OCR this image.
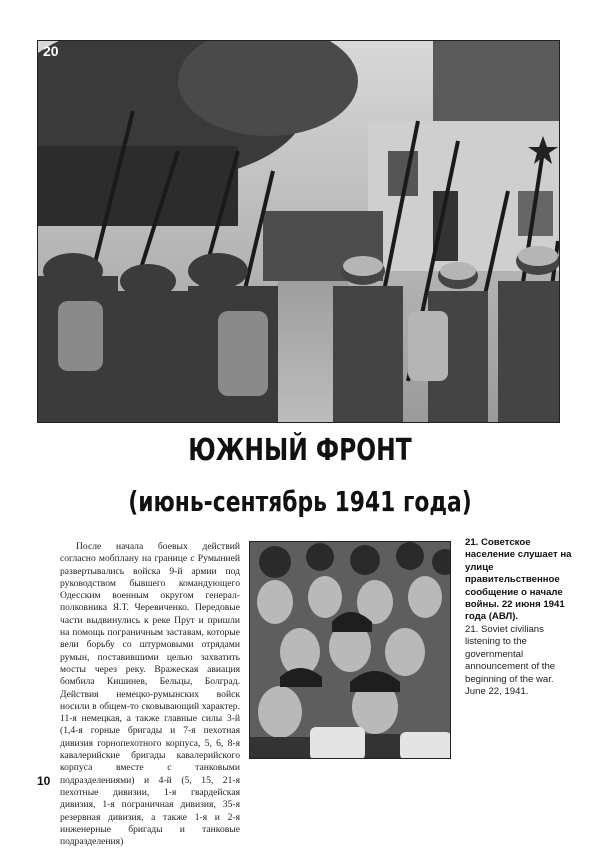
20
ЮЖНЫЙ ФРОНТ
(июнь-сентябрь 1941 года)

После начала боевых действий согласно мобплану на границе с Румынией развертывались войска 9-й армии под руководством бывшего командующего Одесским военным округом генерал-полковника Я.Т. Черевиченко. Передовые части выдвинулись к реке Прут и пришли на помощь пограничным заставам, которые вели борьбу со штурмовыми отрядами румын, поставившими целью захватить мосты через реку. Вражеская авиация бомбила Кишинев, Бельцы, Болград. Действия немецко-румынских войск носили в общем-то сковывающий характер. 11-я немецкая, а также главные силы 3-й (1,4-я горные бригады и 7-я пехотная дивизия горнопехотного корпуса, 5, 6, 8-я кавалерийские бригады кавалерийского корпуса вместе с танковыми подразделениями) и 4-й (5, 15, 21-я пехотные дивизии, 1-я гвардейская дивизия, 1-я пограничная дивизия, 35-я резервная дивизия, а также 1-я и 2-я инженерные бригады и танковые подразделения)

21. Советское население слушает на улице правительственное сообщение о начале войны. 22 июня 1941 года (АВЛ).

21. Soviet civilians listening to the governmental announcement of the beginning of the war. June 22, 1941.

10
